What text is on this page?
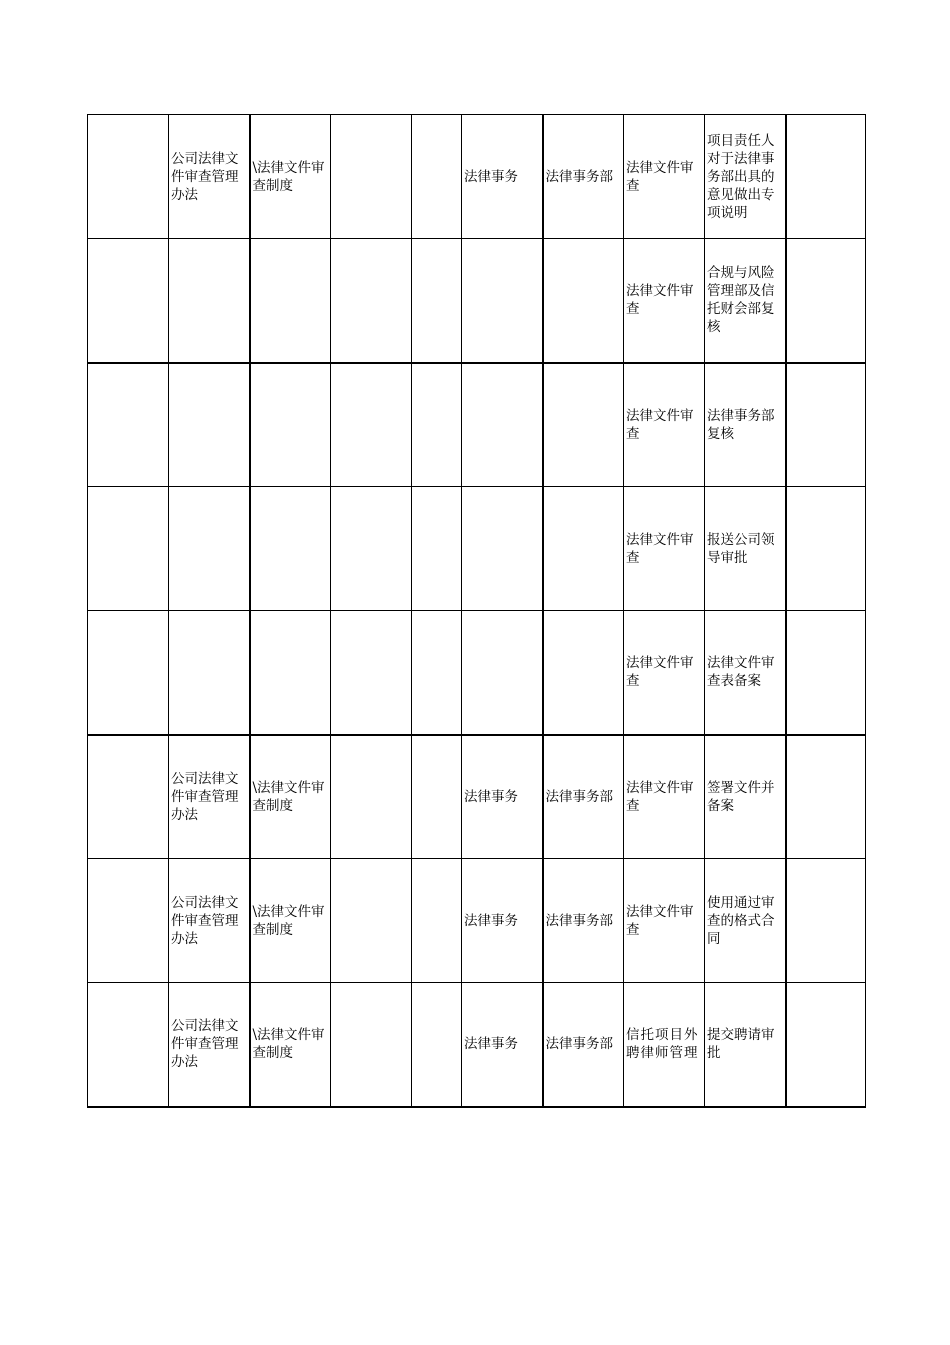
	公司法律文件审查管理办法	\法律文件审查制度			法律事务	法律事务部	法律文件审查	项目责任人对于法律事务部出具的意见做出专项说明	
							法律文件审查	合规与风险管理部及信托财会部复核	
							法律文件审查	法律事务部复核	
							法律文件审查	报送公司领导审批	
							法律文件审查	法律文件审查表备案	
	公司法律文件审查管理办法	\法律文件审查制度			法律事务	法律事务部	法律文件审查	签署文件并备案	
	公司法律文件审查管理办法	\法律文件审查制度			法律事务	法律事务部	法律文件审查	使用通过审查的格式合同	
	公司法律文件审查管理办法	\法律文件审查制度			法律事务	法律事务部	信托项目外聘律师管理	提交聘请审批	
